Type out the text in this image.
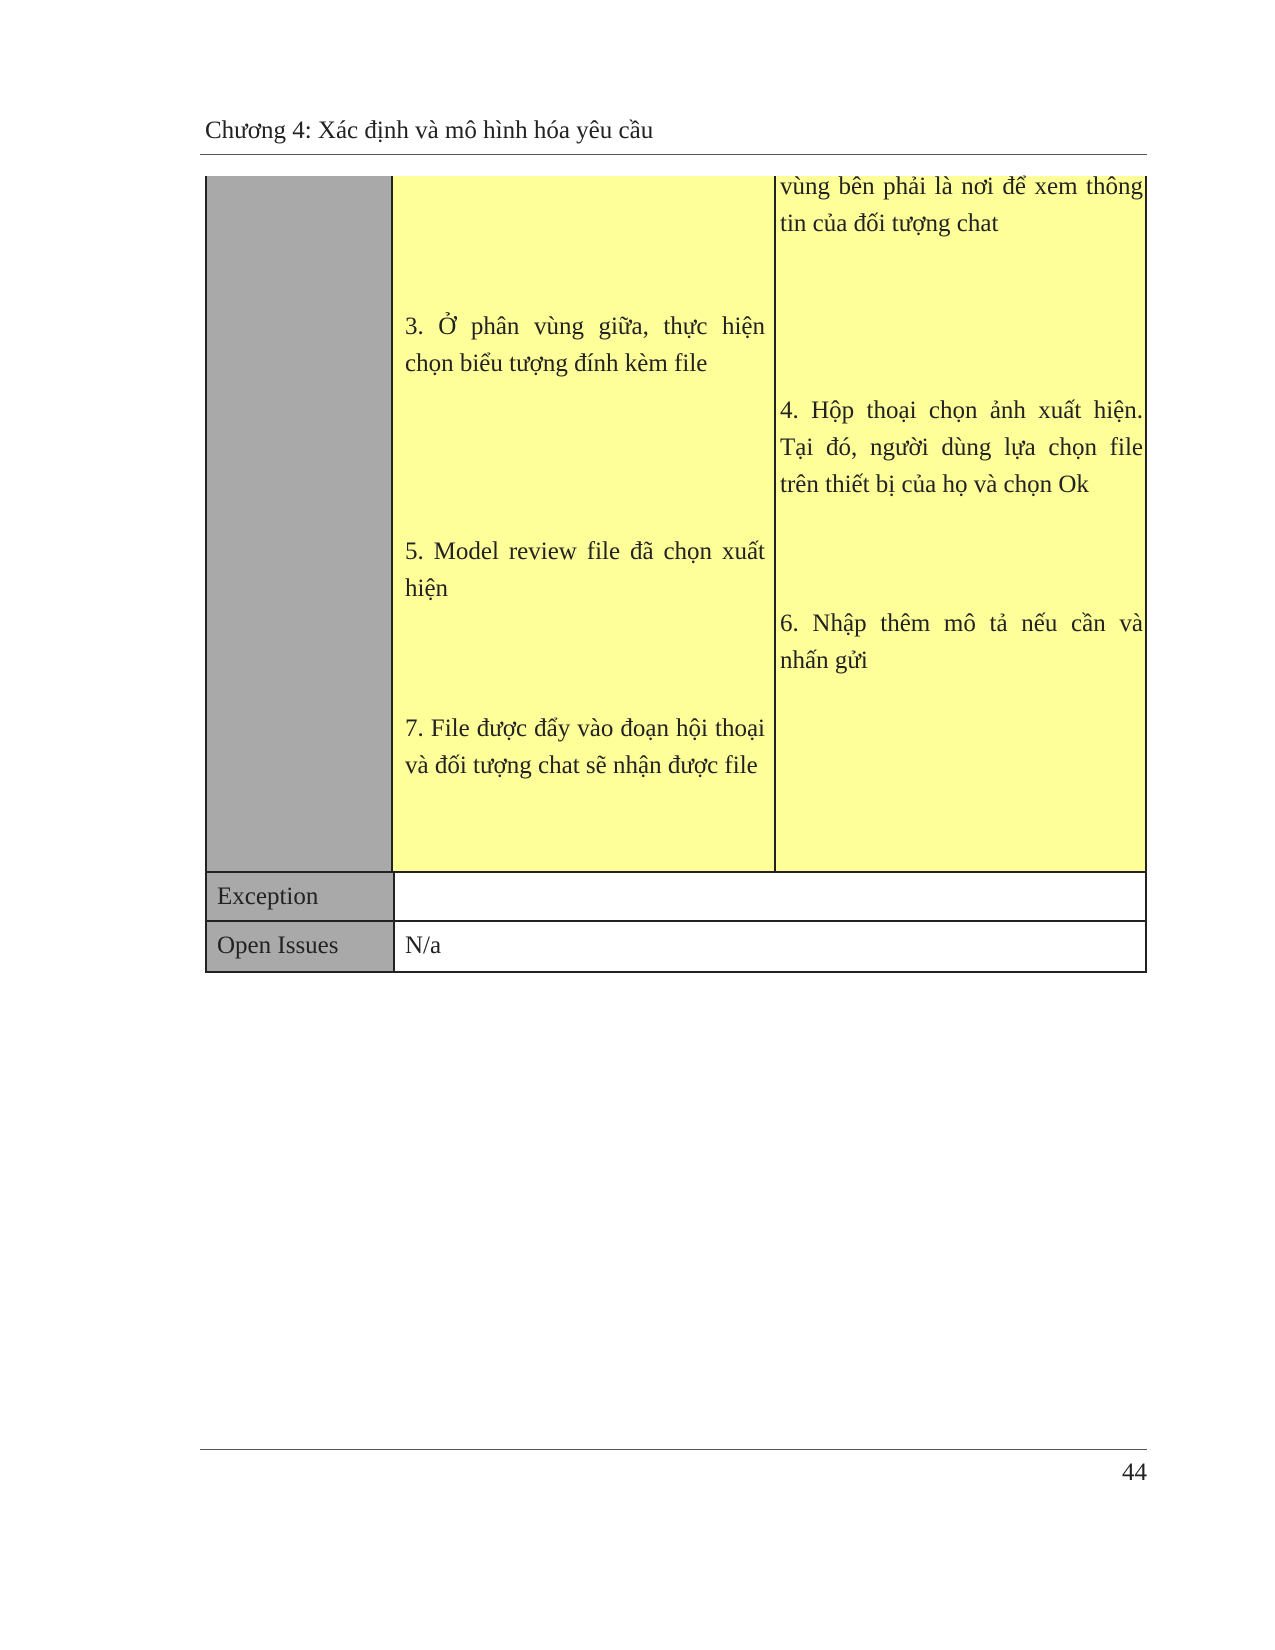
Chương 4: Xác định và mô hình hóa yêu cầu

3. Ở phân vùng giữa, thực hiện chọn biểu tượng đính kèm file

5. Model review file đã chọn xuất hiện

7. File được đẩy vào đoạn hội thoại và đối tượng chat sẽ nhận được file

vùng bên phải là nơi để xem thông tin của đối tượng chat

4. Hộp thoại chọn ảnh xuất hiện. Tại đó, người dùng lựa chọn file trên thiết bị của họ và chọn Ok

6. Nhập thêm mô tả nếu cần và nhấn gửi

Exception
Open Issues	N/a
44
